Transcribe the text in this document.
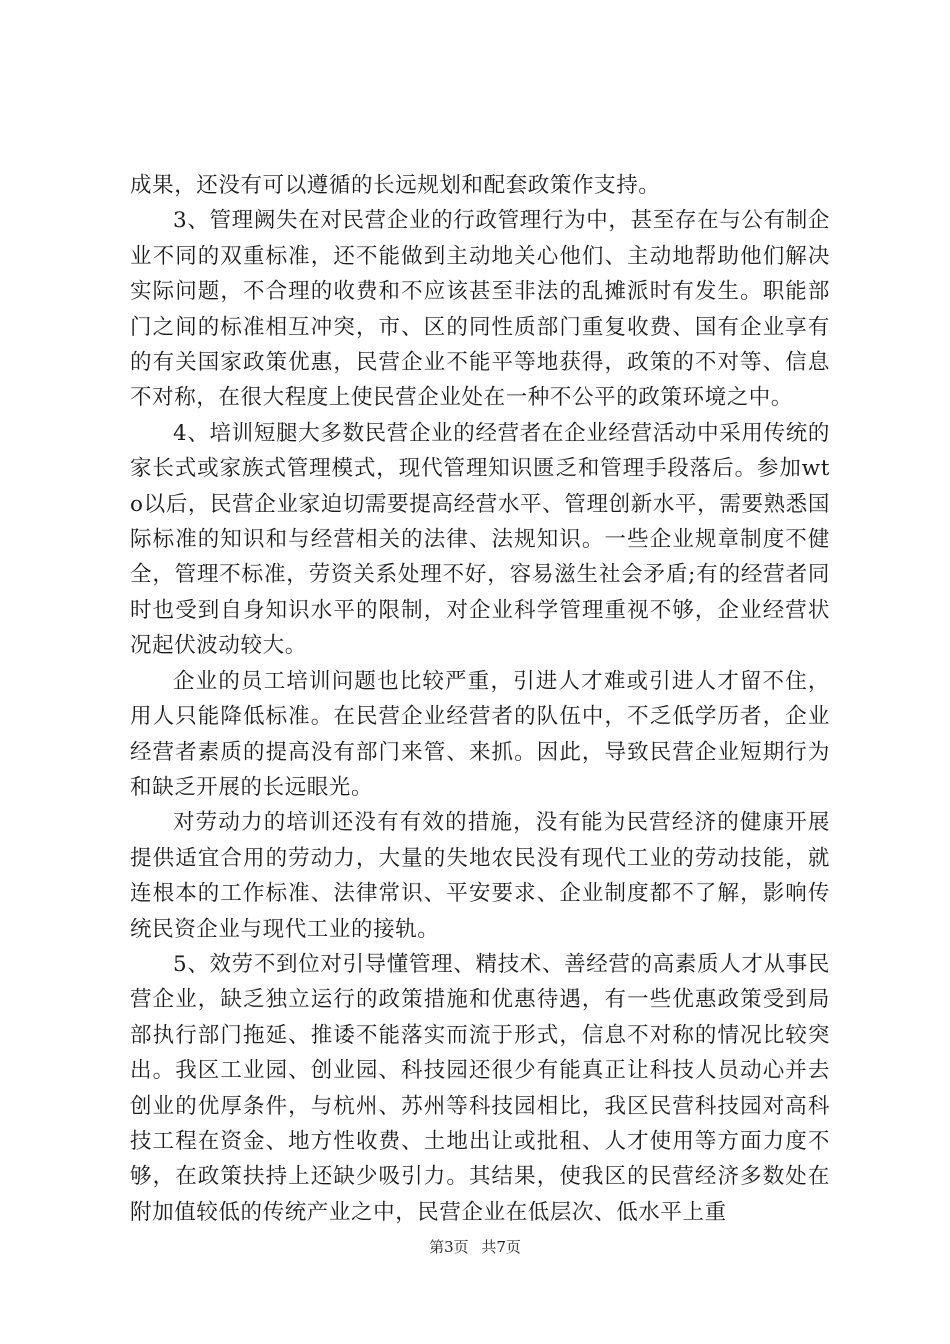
成果，还没有可以遵循的长远规划和配套政策作支持。

3、管理阙失在对民营企业的行政管理行为中，甚至存在与公有制企业不同的双重标准，还不能做到主动地关心他们、主动地帮助他们解决实际问题，不合理的收费和不应该甚至非法的乱摊派时有发生。职能部门之间的标准相互冲突，市、区的同性质部门重复收费、国有企业享有的有关国家政策优惠，民营企业不能平等地获得，政策的不对等、信息不对称，在很大程度上使民营企业处在一种不公平的政策环境之中。

4、培训短腿大多数民营企业的经营者在企业经营活动中采用传统的家长式或家族式管理模式，现代管理知识匮乏和管理手段落后。参加wto以后，民营企业家迫切需要提高经营水平、管理创新水平，需要熟悉国际标准的知识和与经营相关的法律、法规知识。一些企业规章制度不健全，管理不标准，劳资关系处理不好，容易滋生社会矛盾;有的经营者同时也受到自身知识水平的限制，对企业科学管理重视不够，企业经营状况起伏波动较大。

企业的员工培训问题也比较严重，引进人才难或引进人才留不住，用人只能降低标准。在民营企业经营者的队伍中，不乏低学历者，企业经营者素质的提高没有部门来管、来抓。因此，导致民营企业短期行为和缺乏开展的长远眼光。

对劳动力的培训还没有有效的措施，没有能为民营经济的健康开展提供适宜合用的劳动力，大量的失地农民没有现代工业的劳动技能，就连根本的工作标准、法律常识、平安要求、企业制度都不了解，影响传统民资企业与现代工业的接轨。

5、效劳不到位对引导懂管理、精技术、善经营的高素质人才从事民营企业，缺乏独立运行的政策措施和优惠待遇，有一些优惠政策受到局部执行部门拖延、推诿不能落实而流于形式，信息不对称的情况比较突出。我区工业园、创业园、科技园还很少有能真正让科技人员动心并去创业的优厚条件，与杭州、苏州等科技园相比，我区民营科技园对高科技工程在资金、地方性收费、土地出让或批租、人才使用等方面力度不够，在政策扶持上还缺少吸引力。其结果，使我区的民营经济多数处在附加值较低的传统产业之中，民营企业在低层次、低水平上重

第3页 共7页
